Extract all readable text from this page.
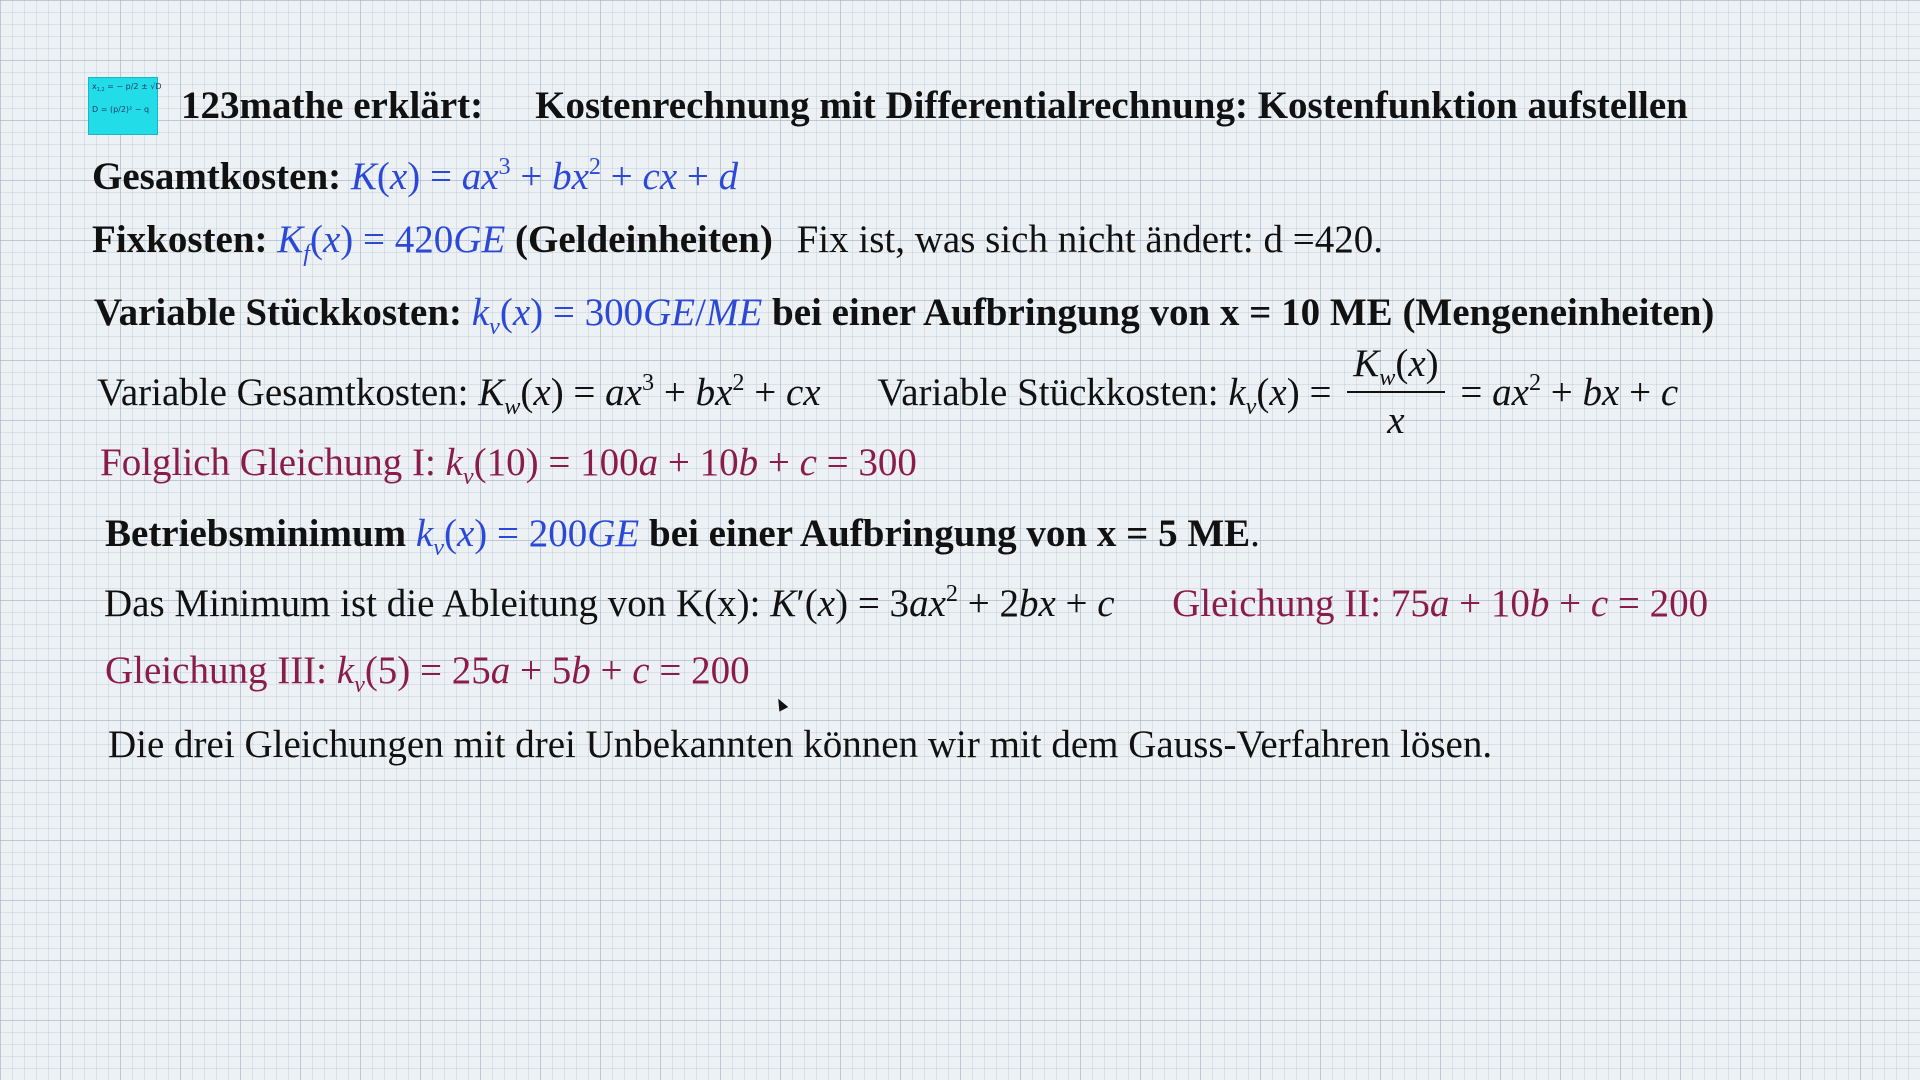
$x_{1,2}$ = − p/2 ± √D
D = (p/2)² − q 123mathe erklärt: Kostenrechnung mit Differentialrechnung: Kostenfunktion aufstellen
Gesamtkosten: $K(x) = ax^3 + bx^2$ + cx + d
Fixkosten: $K_f(x) = 420GE$ (Geldeinheiten) Fix ist, was sich nicht ändert: d =420.
Variable Stückkosten: $k_v(x) = 300GE/ME$ bei einer Aufbringung von x = 10 ME (Mengeneinheiten)
Variable Gesamtkosten: $K_w(x) = ax^3 + bx^2$ + cx Variable Stückkosten: $k_v(x) = \frac{K_w(x)}{x} = ax^2$ + bx + c
Folglich Gleichung I: $k_v(10) = 100a + 10b + c = 300$
Betriebsminimum $k_v(x) = 200GE$ bei einer Aufbringung von x = 5 ME.
Das Minimum ist die Ableitung von K(x): $K'(x) = 3ax^2 + 2bx + c$ Gleichung II: 75a + 10b + c = 200
Gleichung III: $k_v(5) = 25a + 5b + c = 200$
Die drei Gleichungen mit drei Unbekannten können wir mit dem Gauss-Verfahren lösen.
